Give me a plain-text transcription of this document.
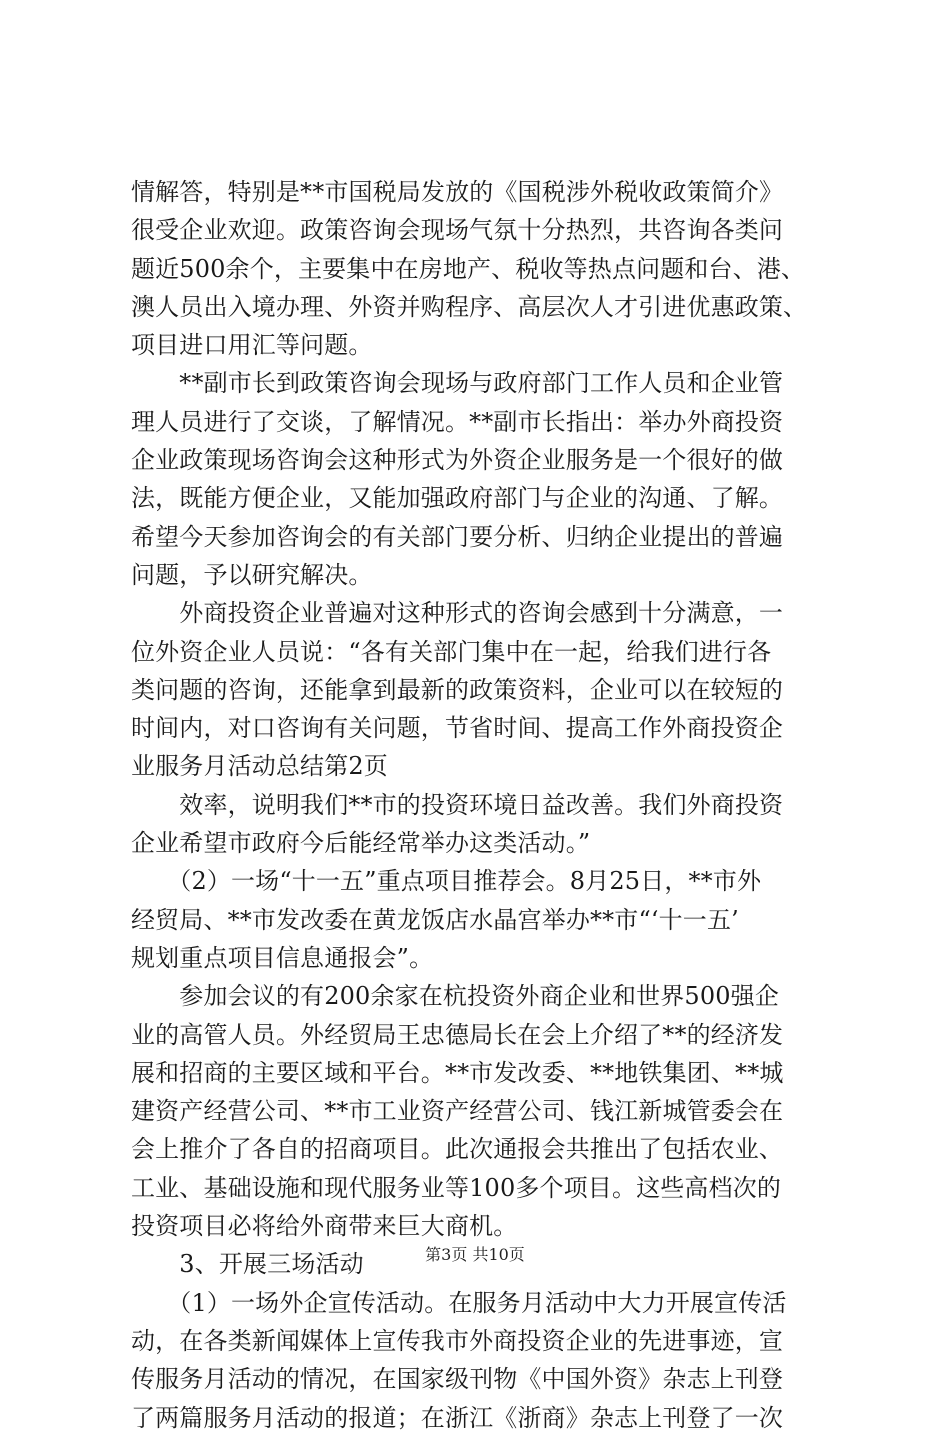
情解答，特别是**市国税局发放的《国税涉外税收政策简介》
很受企业欢迎。政策咨询会现场气氛十分热烈，共咨询各类问
题近500余个，主要集中在房地产、税收等热点问题和台、港、
澳人员出入境办理、外资并购程序、高层次人才引进优惠政策、
项目进口用汇等问题。
　　**副市长到政策咨询会现场与政府部门工作人员和企业管
理人员进行了交谈，了解情况。**副市长指出：举办外商投资
企业政策现场咨询会这种形式为外资企业服务是一个很好的做
法，既能方便企业，又能加强政府部门与企业的沟通、了解。
希望今天参加咨询会的有关部门要分析、归纳企业提出的普遍
问题，予以研究解决。
　　外商投资企业普遍对这种形式的咨询会感到十分满意，一
位外资企业人员说：“各有关部门集中在一起，给我们进行各
类问题的咨询，还能拿到最新的政策资料，企业可以在较短的
时间内，对口咨询有关问题，节省时间、提高工作外商投资企
业服务月活动总结第2页
　　效率，说明我们**市的投资环境日益改善。我们外商投资
企业希望市政府今后能经常举办这类活动。”
　　（2）一场“十一五”重点项目推荐会。8月25日，**市外
经贸局、**市发改委在黄龙饭店水晶宫举办**市“‘十一五’
规划重点项目信息通报会”。
　　参加会议的有200余家在杭投资外商企业和世界500强企
业的高管人员。外经贸局王忠德局长在会上介绍了**的经济发
展和招商的主要区域和平台。**市发改委、**地铁集团、**城
建资产经营公司、**市工业资产经营公司、钱江新城管委会在
会上推介了各自的招商项目。此次通报会共推出了包括农业、
工业、基础设施和现代服务业等100多个项目。这些高档次的
投资项目必将给外商带来巨大商机。
　　3、开展三场活动
　　（1）一场外企宣传活动。在服务月活动中大力开展宣传活
动，在各类新闻媒体上宣传我市外商投资企业的先进事迹，宣
传服务月活动的情况，在国家级刊物《中国外资》杂志上刊登
了两篇服务月活动的报道；在浙江《浙商》杂志上刊登了一次
第3页 共10页
